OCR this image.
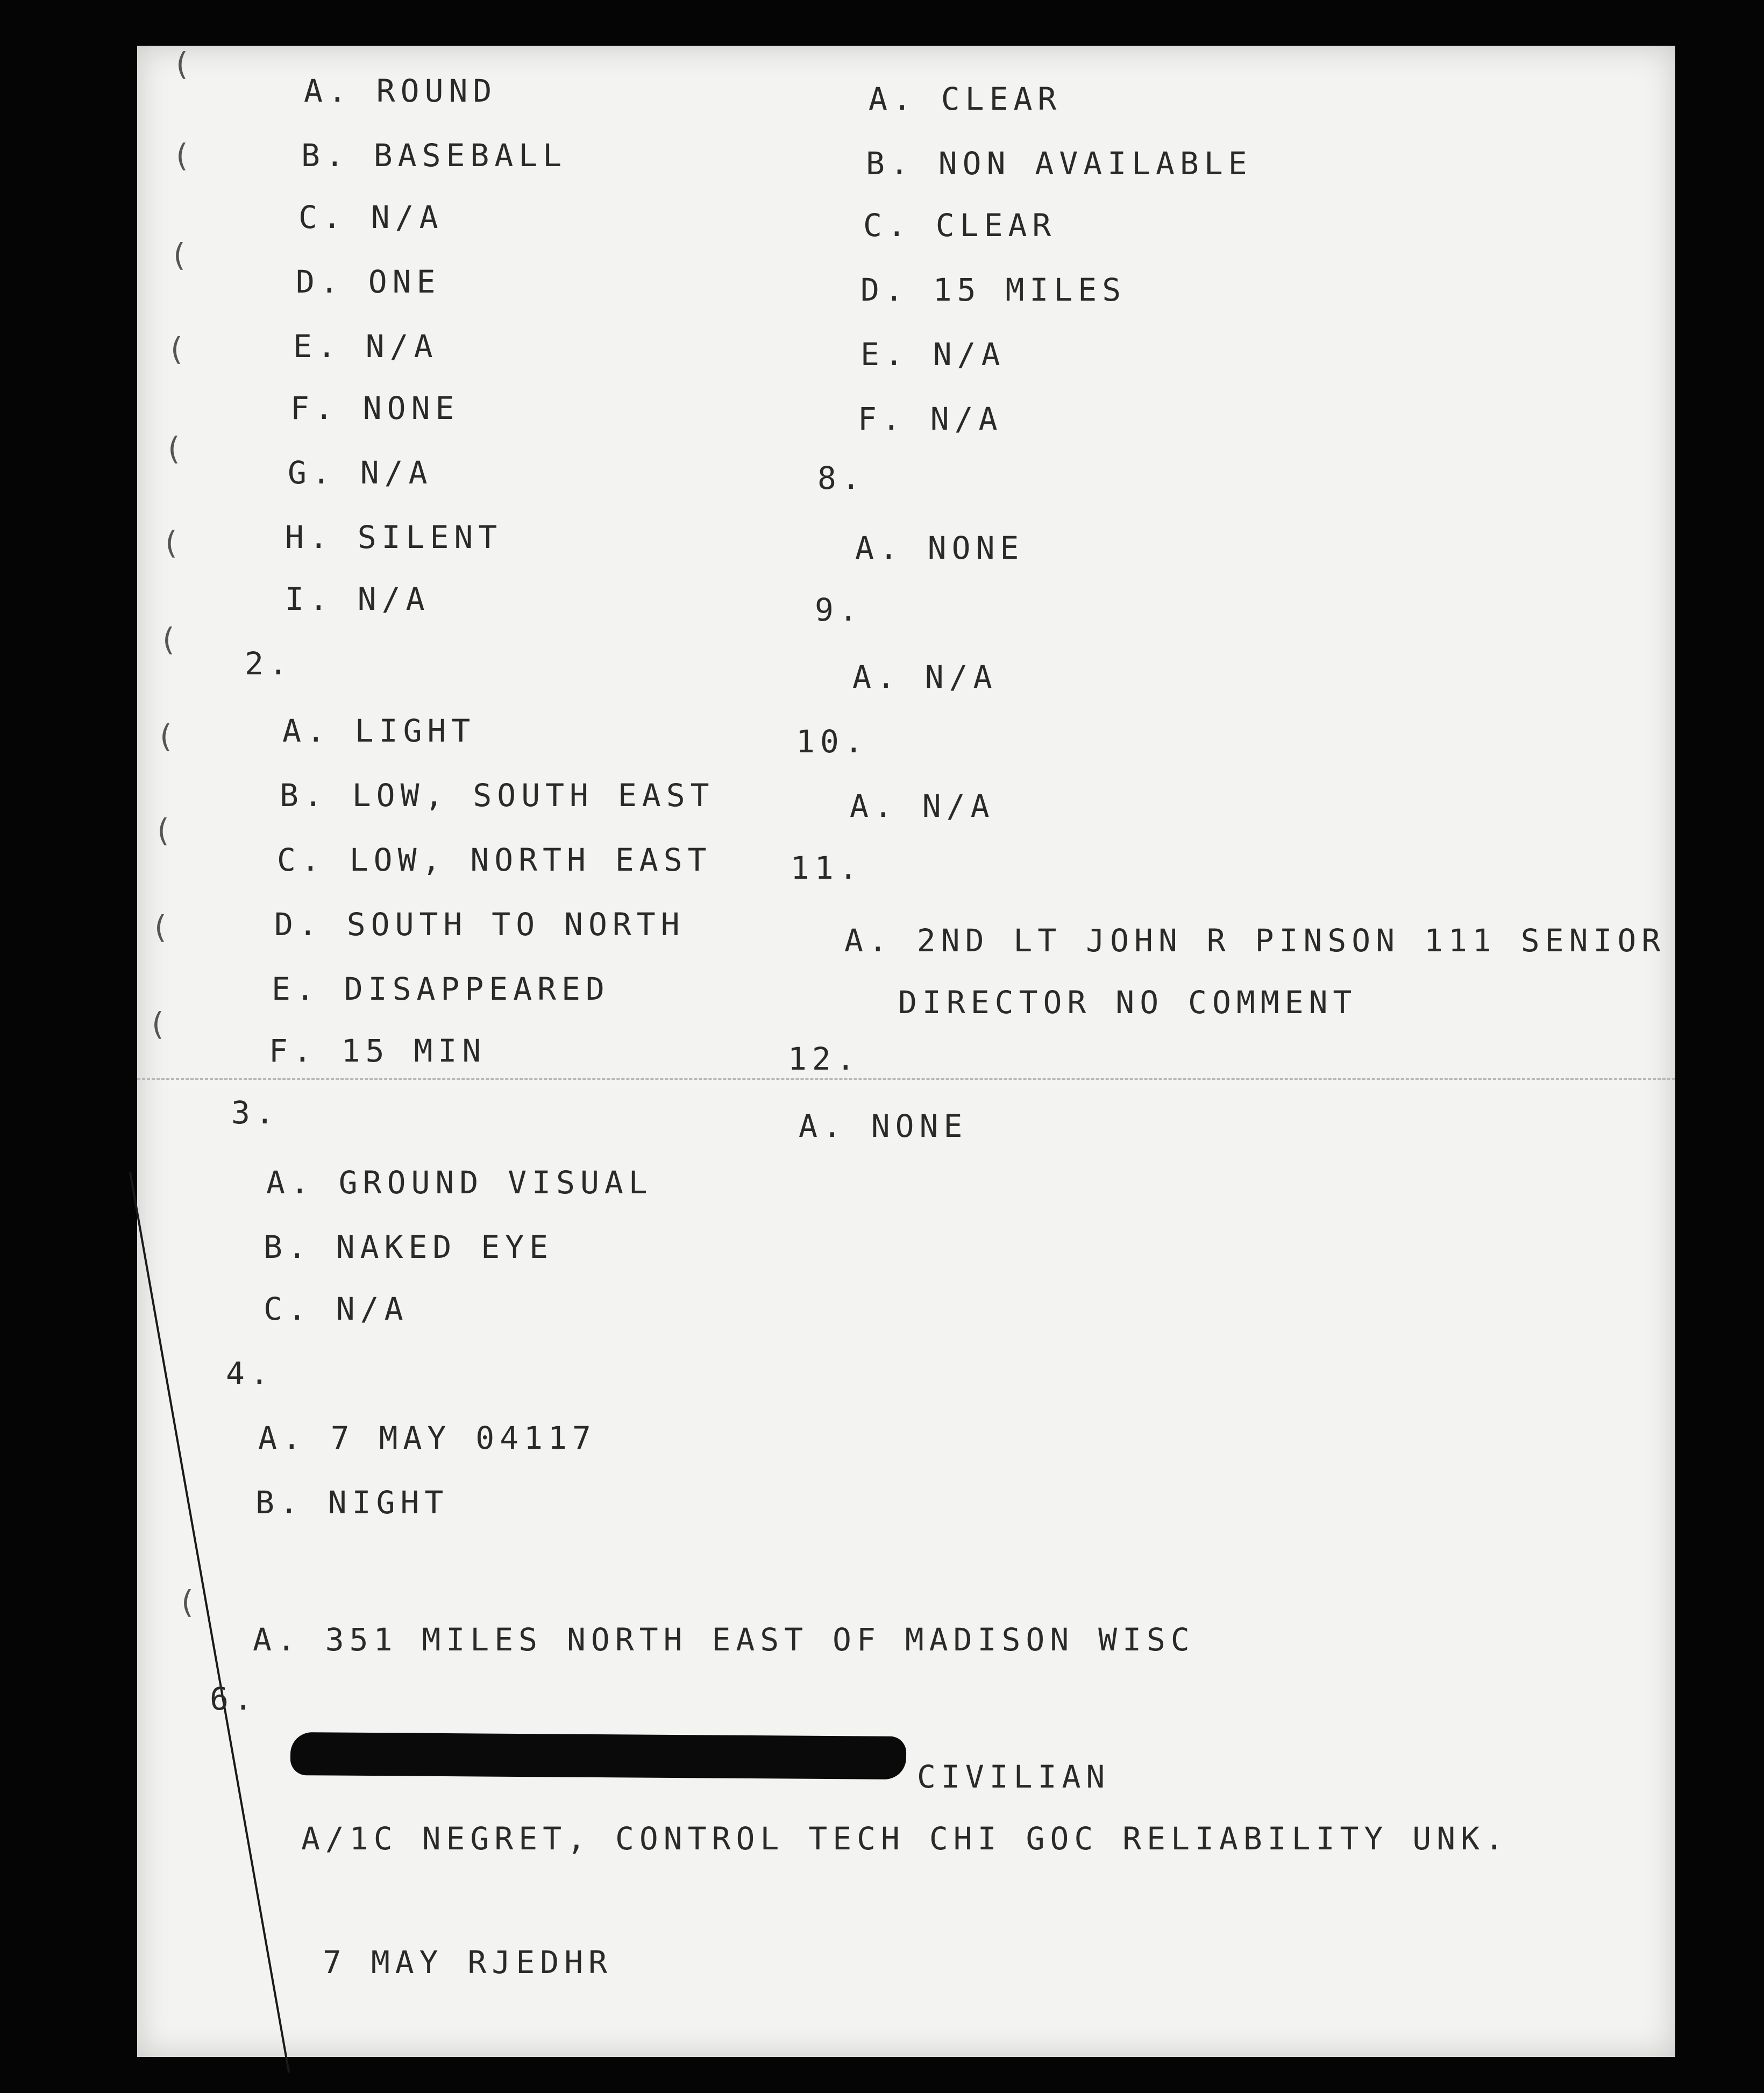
(
(
(
(
(
(
(
(
(
(
(
(
A. ROUND
B. BASEBALL
C. N/A
D. ONE
E. N/A
F. NONE
G. N/A
H. SILENT
I. N/A
2.
A. LIGHT
B. LOW, SOUTH EAST
C. LOW, NORTH EAST
D. SOUTH TO NORTH
E. DISAPPEARED
F. 15 MIN
3.
A. GROUND VISUAL
B. NAKED EYE
C. N/A
4.
A. 7 MAY 04117
B. NIGHT
A. 351 MILES NORTH EAST OF MADISON WISC
6.
CIVILIAN
A/1C NEGRET, CONTROL TECH CHI GOC RELIABILITY UNK.
7 MAY RJEDHR
A. CLEAR
B. NON AVAILABLE
C. CLEAR
D. 15 MILES
E. N/A
F. N/A
8.
A. NONE
9.
A. N/A
10.
A. N/A
11.
A. 2ND LT JOHN R PINSON 111 SENIOR
DIRECTOR NO COMMENT
12.
A. NONE
